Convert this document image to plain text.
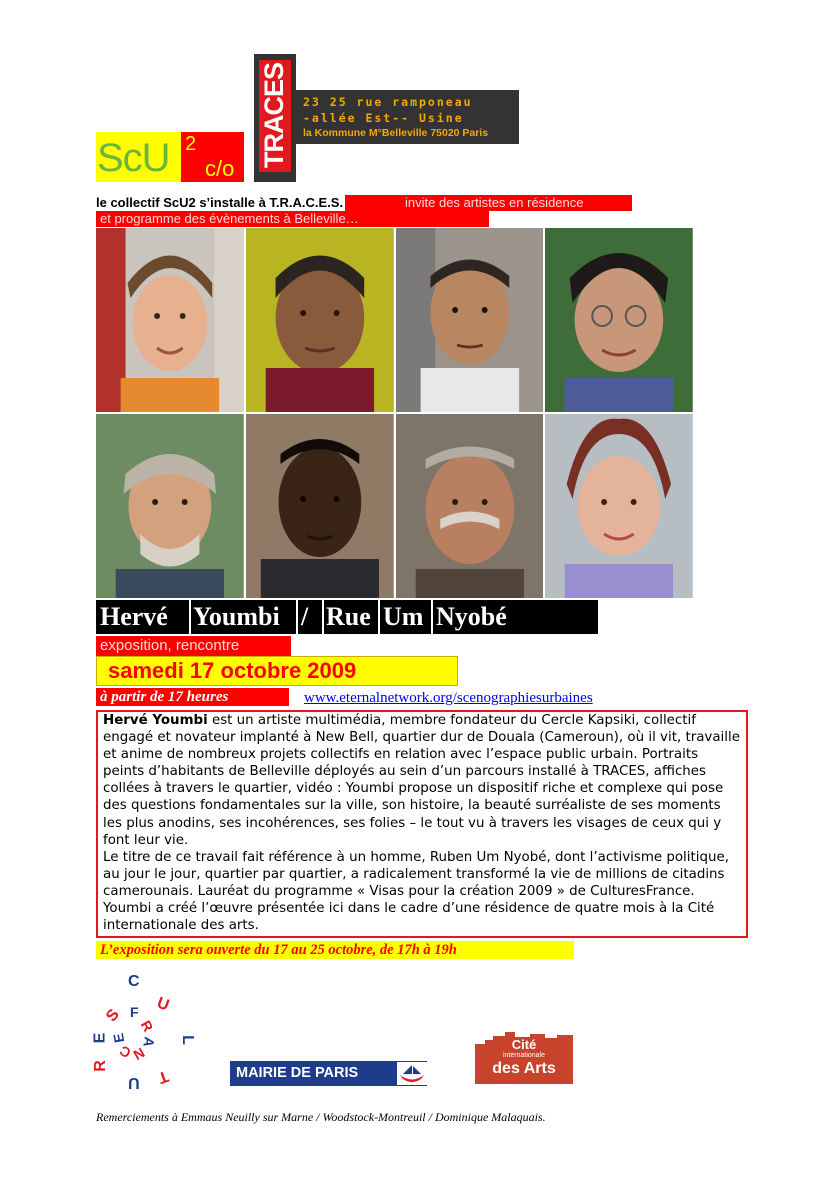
ScU 2
c/o
TRACES 23 25 rue ramponeau
-allée Est-- Usine
la Kommune M°Belleville 75020 Paris
le collectif ScU2 s’installe à T.R.A.C.E.S.	invite des artistes en résidence
et programme des évènements à Belleville…
Hervé Youmbi / Rue Um Nyobé
exposition, rencontre
samedi 17 octobre 2009
à partir de 17 heures	www.eternalnetwork.org/scenographiesurbaines

Hervé Youmbi est un artiste multimédia, membre fondateur du Cercle Kapsiki, collectif engagé et novateur implanté à New Bell, quartier dur de Douala (Cameroun), où il vit, travaille et anime de nombreux projets collectifs en relation avec l’espace public urbain. Portraits peints d’habitants de Belleville déployés au sein d’un parcours installé à TRACES, affiches collées à travers le quartier, vidéo : Youmbi propose un dispositif riche et complexe qui pose des questions fondamentales sur la ville, son histoire, la beauté surréaliste de ses moments les plus anodins, ses incohérences, ses folies – le tout vu à travers les visages de ceux qui y font leur vie.

Le titre de ce travail fait référence à un homme, Ruben Um Nyobé, dont l’activisme politique, au jour le jour, quartier par quartier, a radicalement transformé la vie de millions de citadins camerounais. Lauréat du programme « Visas pour la création 2009 » de CulturesFrance. Youmbi a créé l’œuvre présentée ici dans le cadre d’une résidence de quatre mois à la Cité internationale des arts.

L’exposition sera ouverte du 17 au 25 octobre, de 17h à 19h
C
U
L
T
U
R
E
S F
R
A
N
C
E
MAIRIE DE PARIS
Cité
internationale
des Arts
Remerciements à Emmaus Neuilly sur Marne / Woodstock-Montreuil / Dominique Malaquais.
